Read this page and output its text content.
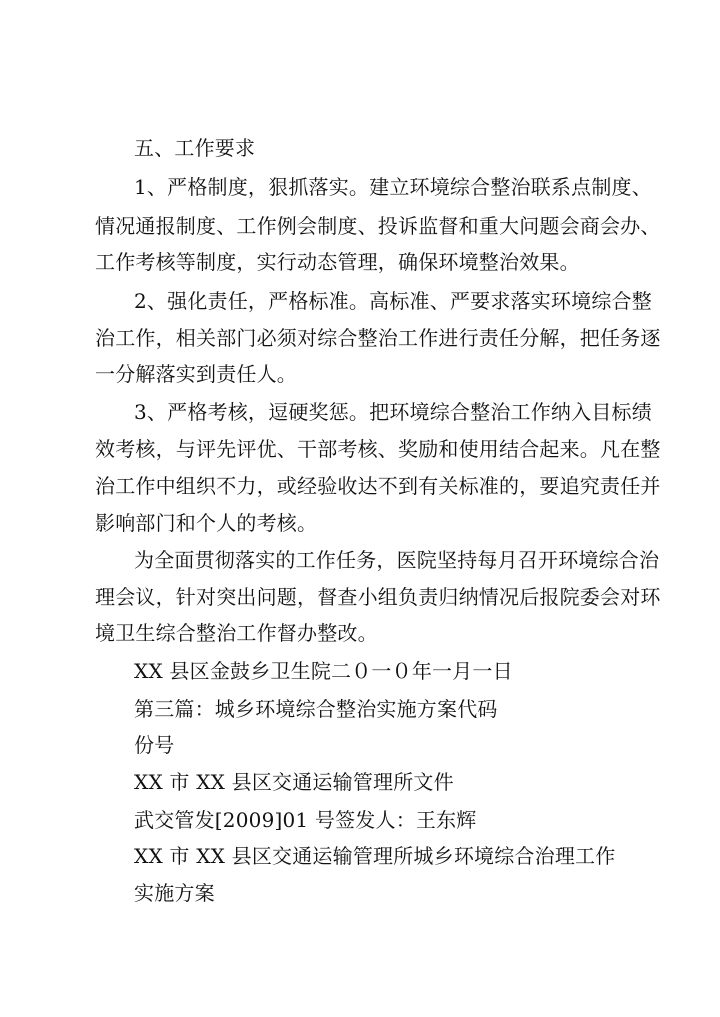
五、工作要求
1、严格制度，狠抓落实。建立环境综合整治联系点制度、
情况通报制度、工作例会制度、投诉监督和重大问题会商会办、
工作考核等制度，实行动态管理，确保环境整治效果。
2、强化责任，严格标准。高标准、严要求落实环境综合整
治工作，相关部门必须对综合整治工作进行责任分解，把任务逐
一分解落实到责任人。
3、严格考核，逗硬奖惩。把环境综合整治工作纳入目标绩
效考核，与评先评优、干部考核、奖励和使用结合起来。凡在整
治工作中组织不力，或经验收达不到有关标准的，要追究责任并
影响部门和个人的考核。
为全面贯彻落实的工作任务，医院坚持每月召开环境综合治
理会议，针对突出问题，督查小组负责归纳情况后报院委会对环
境卫生综合整治工作督办整改。
XX 县区金鼓乡卫生院二０一０年一月一日
第三篇：城乡环境综合整治实施方案代码
份号
XX 市 XX 县区交通运输管理所文件
武交管发[2009]01 号签发人：王东辉
XX 市 XX 县区交通运输管理所城乡环境综合治理工作
实施方案
